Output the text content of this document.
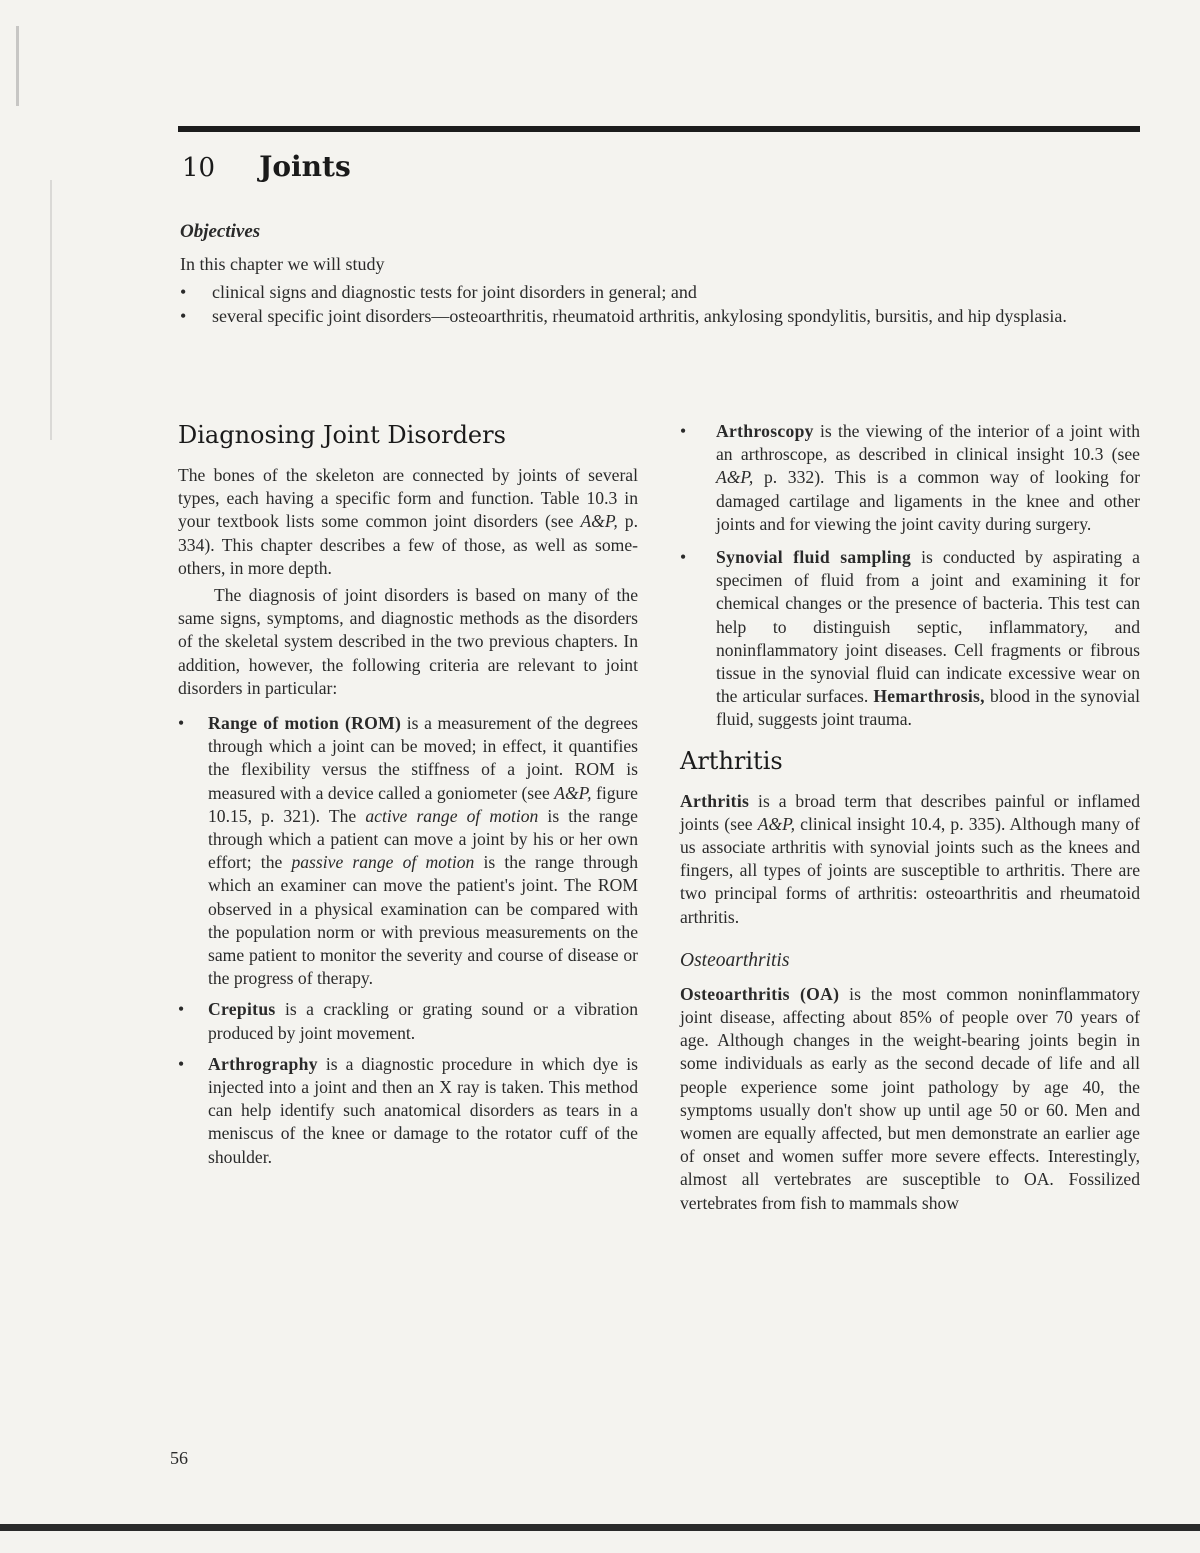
10 Joints
Objectives

In this chapter we will study

• clinical signs and diagnostic tests for joint disorders in general; and
• several specific joint disorders—osteoarthritis, rheumatoid arthritis, ankylosing spondylitis, bursitis, and hip dysplasia.
Diagnosing Joint Disorders

The bones of the skeleton are connected by joints of several types, each having a specific form and function. Table 10.3 in your textbook lists some common joint disorders (see A&P, p. 334). This chapter describes a few of those, as well as some-others, in more depth.

The diagnosis of joint disorders is based on many of the same signs, symptoms, and diagnostic methods as the disorders of the skeletal system described in the two previous chapters. In addition, however, the following criteria are relevant to joint disorders in particular:

• Range of motion (ROM) is a measurement of the degrees through which a joint can be moved; in effect, it quantifies the flexibility versus the stiffness of a joint. ROM is measured with a device called a goniometer (see A&P, figure 10.15, p. 321). The active range of motion is the range through which a patient can move a joint by his or her own effort; the passive range of motion is the range through which an examiner can move the patient's joint. The ROM observed in a physical examination can be compared with the population norm or with previous measurements on the same patient to monitor the severity and course of disease or the progress of therapy.
• Crepitus is a crackling or grating sound or a vibration produced by joint movement.
• Arthrography is a diagnostic procedure in which dye is injected into a joint and then an X ray is taken. This method can help identify such anatomical disorders as tears in a meniscus of the knee or damage to the rotator cuff of the shoulder.
• Arthroscopy is the viewing of the interior of a joint with an arthroscope, as described in clinical insight 10.3 (see A&P, p. 332). This is a common way of looking for damaged cartilage and ligaments in the knee and other joints and for viewing the joint cavity during surgery.
• Synovial fluid sampling is conducted by aspirating a specimen of fluid from a joint and examining it for chemical changes or the presence of bacteria. This test can help to distinguish septic, inflammatory, and noninflammatory joint diseases. Cell fragments or fibrous tissue in the synovial fluid can indicate excessive wear on the articular surfaces. Hemarthrosis, blood in the synovial fluid, suggests joint trauma.
Arthritis

Arthritis is a broad term that describes painful or inflamed joints (see A&P, clinical insight 10.4, p. 335). Although many of us associate arthritis with synovial joints such as the knees and fingers, all types of joints are susceptible to arthritis. There are two principal forms of arthritis: osteoarthritis and rheumatoid arthritis.

Osteoarthritis

Osteoarthritis (OA) is the most common noninflammatory joint disease, affecting about 85% of people over 70 years of age. Although changes in the weight-bearing joints begin in some individuals as early as the second decade of life and all people experience some joint pathology by age 40, the symptoms usually don't show up until age 50 or 60. Men and women are equally affected, but men demonstrate an earlier age of onset and women suffer more severe effects. Interestingly, almost all vertebrates are susceptible to OA. Fossilized vertebrates from fish to mammals show

56
